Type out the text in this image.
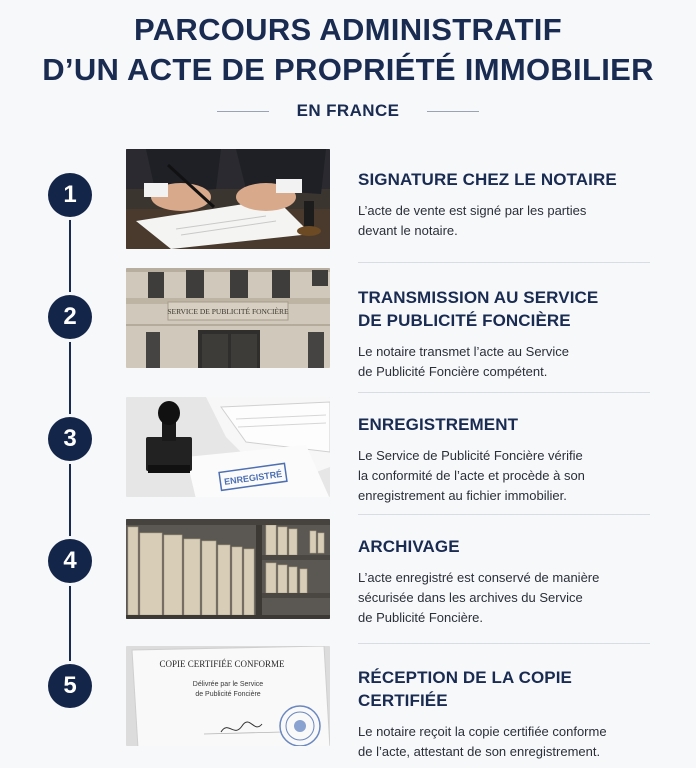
PARCOURS ADMINISTRATIF
D’UN ACTE DE PROPRIÉTÉ IMMOBILIER
EN FRANCE
1
SIGNATURE CHEZ LE NOTAIRE
L’acte de vente est signé par les parties
devant le notaire.
2	SERVICE DE PUBLICITÉ FONCIÈRE
TRANSMISSION AU SERVICE
DE PUBLICITÉ FONCIÈRE
Le notaire transmet l’acte au Service
de Publicité Foncière compétent.
3
ENREGISTRÉ
ENREGISTREMENT
Le Service de Publicité Foncière vérifie
la conformité de l’acte et procède à son
enregistrement au fichier immobilier.
4
ARCHIVAGE
L’acte enregistré est conservé de manière
sécurisée dans les archives du Service
de Publicité Foncière.
5
COPIE CERTIFIÉE CONFORME
Délivrée par le Service
de Publicité Foncière
RÉCEPTION DE LA COPIE CERTIFIÉE
Le notaire reçoit la copie certifiée conforme
de l’acte, attestant de son enregistrement.
